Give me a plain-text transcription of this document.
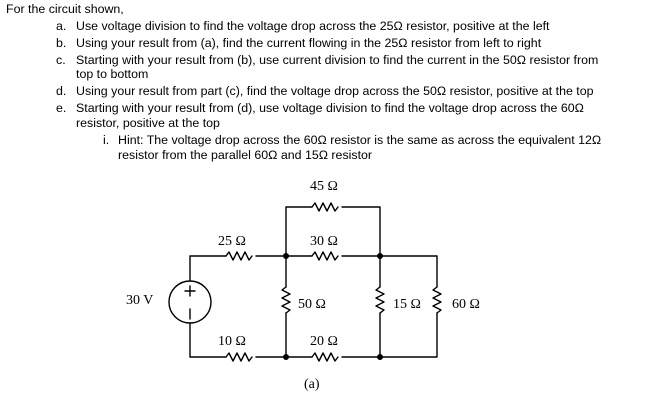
For the circuit shown,
a. Use voltage division to find the voltage drop across the 25Ω resistor, positive at the left
b. Using your result from (a), find the current flowing in the 25Ω resistor from left to right
c. Starting with your result from (b), use current division to find the current in the 50Ω resistor from
top to bottom
d. Using your result from part (c), find the voltage drop across the 50Ω resistor, positive at the top
e. Starting with your result from (d), use voltage division to find the voltage drop across the 60Ω
resistor, positive at the top
i. Hint: The voltage drop across the 60Ω resistor is the same as across the equivalent 12Ω
resistor from the parallel 60Ω and 15Ω resistor
45 Ω
25 Ω	30 Ω
30 V	50 Ω	15 Ω 60 Ω
10 Ω	20 Ω
(a)
